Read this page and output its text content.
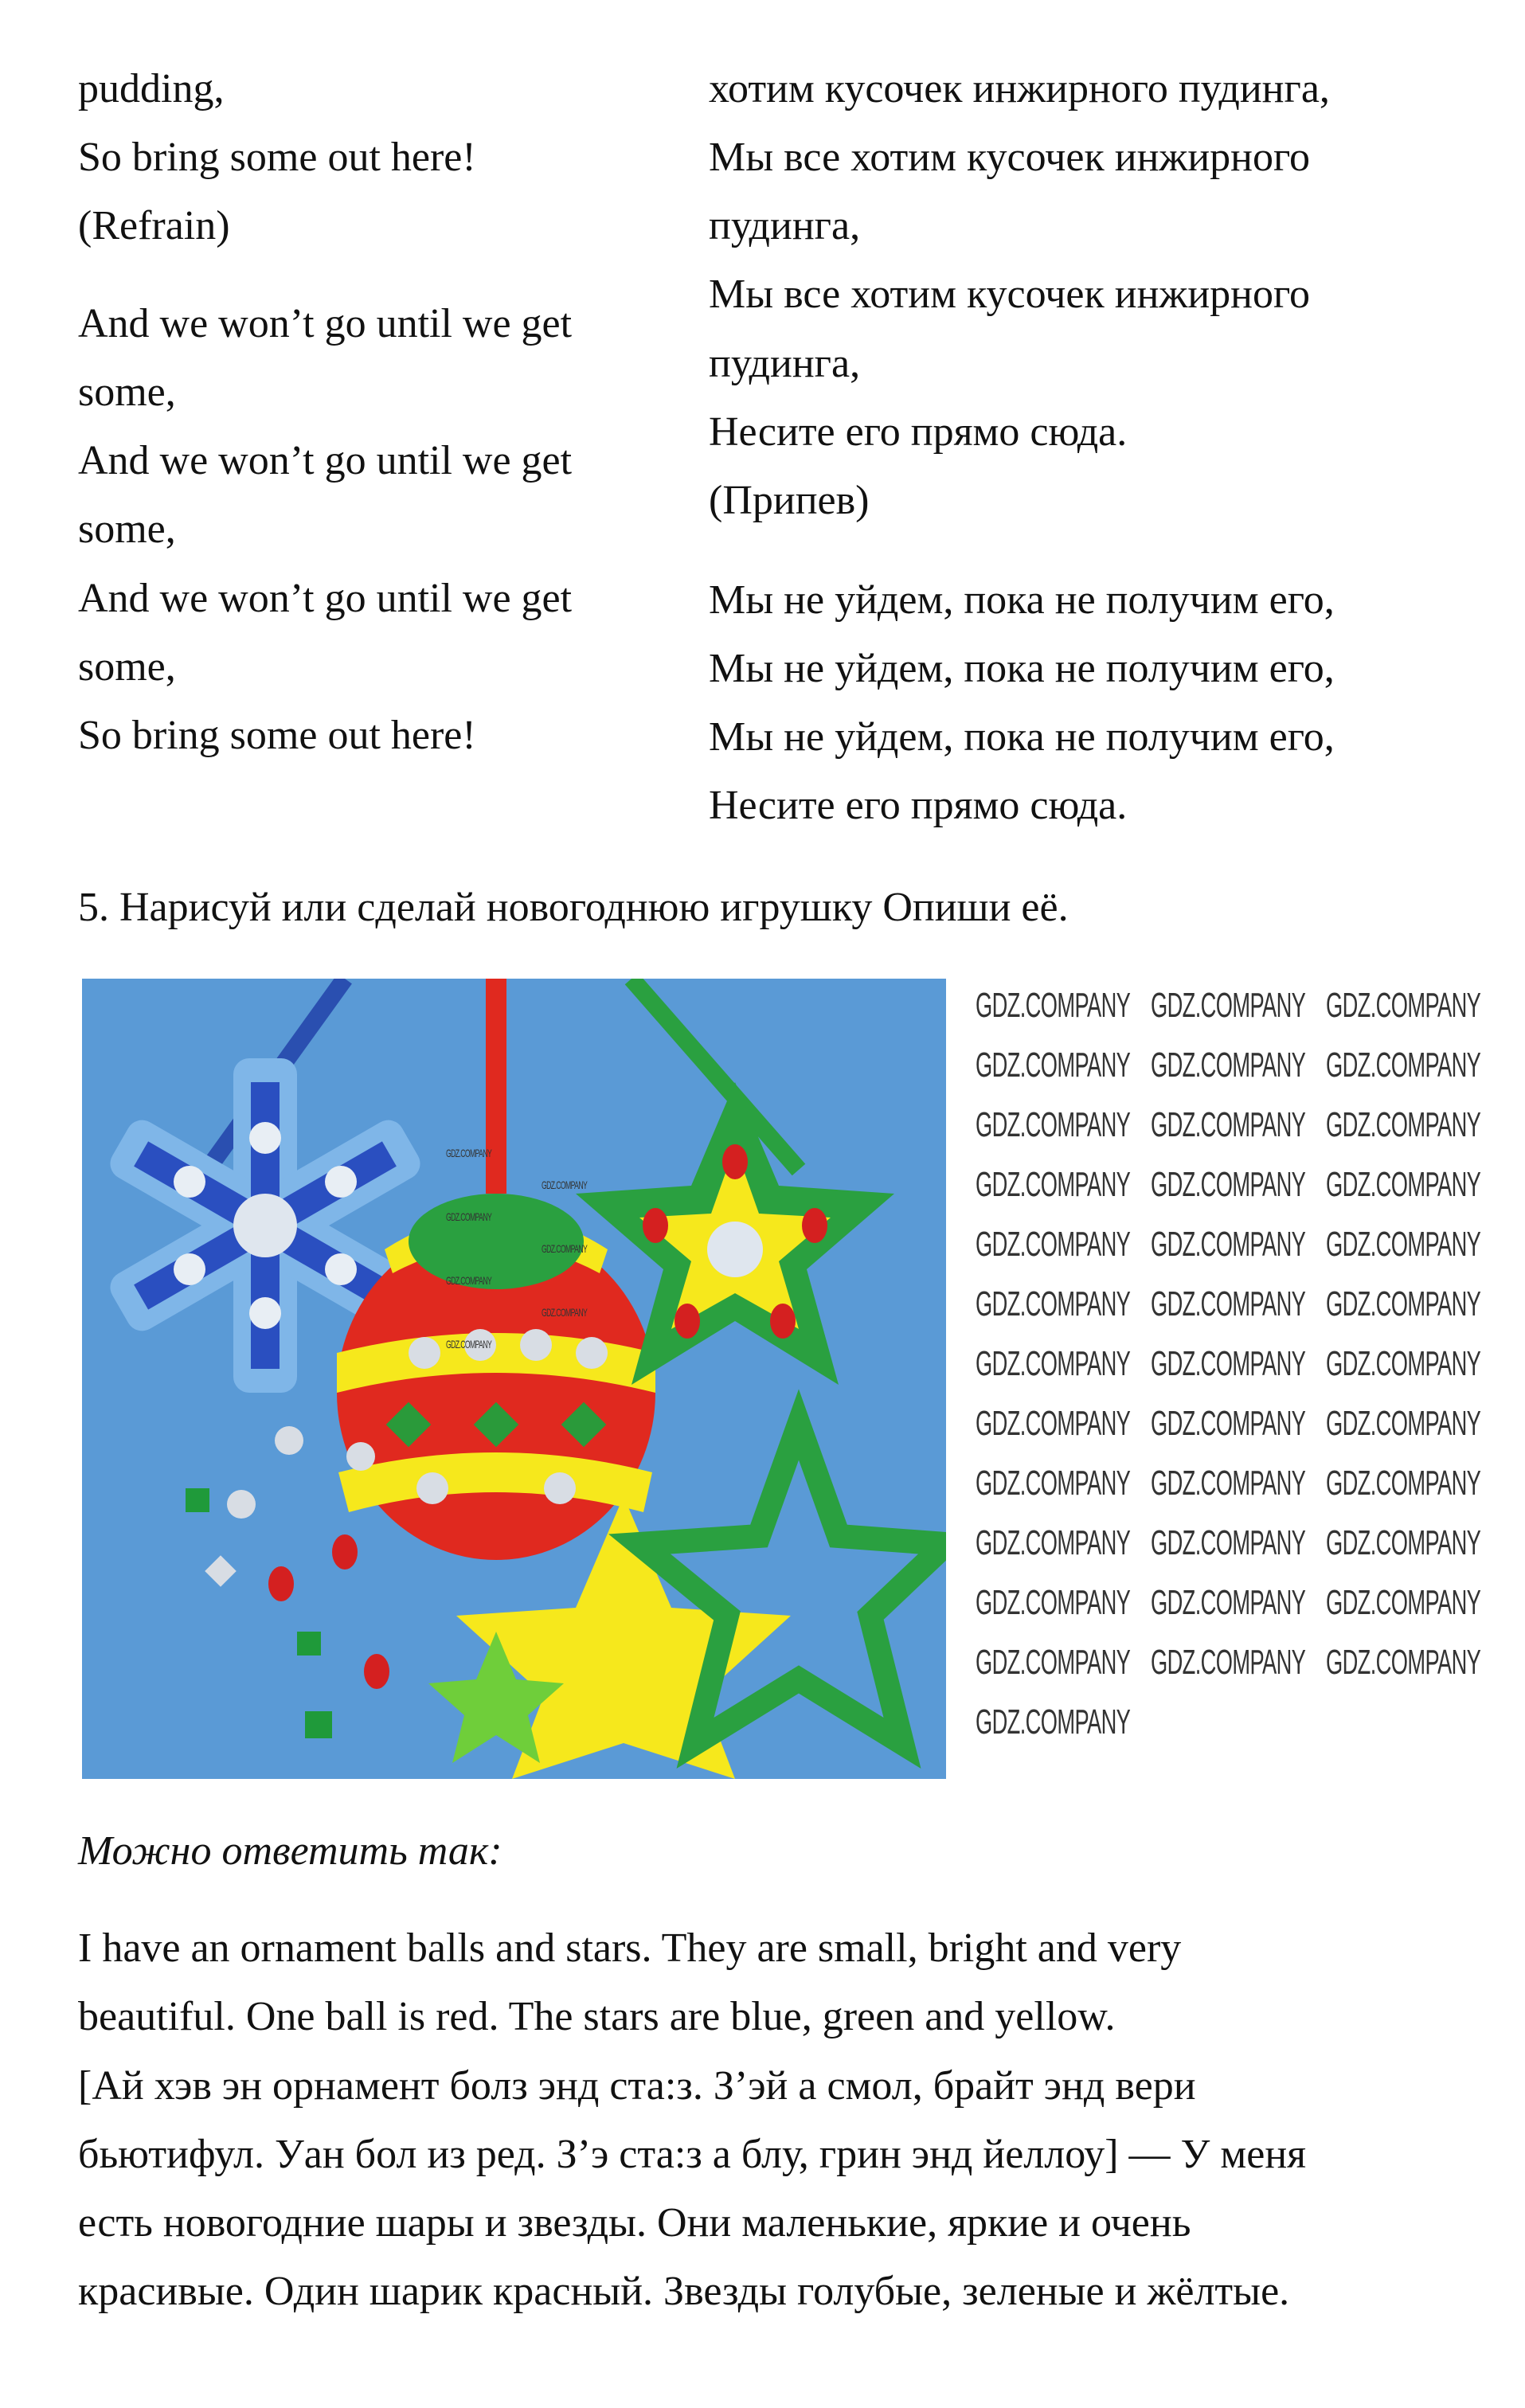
pudding,
So bring some out here!
(Refrain)
And we won’t go until we get
some,
And we won’t go until we get
some,
And we won’t go until we get
some,
So bring some out here!
хотим кусочек инжирного пудинга,
Мы все хотим кусочек инжирного
пудинга,
Мы все хотим кусочек инжирного
пудинга,
Несите его прямо сюда.
(Припев)
Мы не уйдем, пока не получим его,
Мы не уйдем, пока не получим его,
Мы не уйдем, пока не получим его,
Несите его прямо сюда.
5. Нарисуй или сделай новогоднюю игрушку Опиши её.
Можно ответить так:
I have an ornament balls and stars. They are small, bright and very
beautiful. One ball is red. The stars are blue, green and yellow.
[Ай хэв эн орнамент болз энд ста:з. З’эй а смол, брайт энд вери
бьютифул. Уан бол из ред. З’э ста:з а блу, грин энд йеллоу] — У меня
есть новогодние шары и звезды. Они маленькие, яркие и очень
красивые. Один шарик красный. Звезды голубые, зеленые и жёлтые.
GDZ.COMPANY GDZ.COMPANY GDZ.COMPANY
GDZ.COMPANY GDZ.COMPANY GDZ.COMPANY
GDZ.COMPANY GDZ.COMPANY GDZ.COMPANY
GDZ.COMPANY GDZ.COMPANY GDZ.COMPANY
GDZ.COMPANY GDZ.COMPANY GDZ.COMPANY
GDZ.COMPANY GDZ.COMPANY GDZ.COMPANY
GDZ.COMPANY GDZ.COMPANY GDZ.COMPANY
GDZ.COMPANY GDZ.COMPANY GDZ.COMPANY
GDZ.COMPANY GDZ.COMPANY GDZ.COMPANY
GDZ.COMPANY GDZ.COMPANY GDZ.COMPANY
GDZ.COMPANY GDZ.COMPANY GDZ.COMPANY
GDZ.COMPANY GDZ.COMPANY GDZ.COMPANY
GDZ.COMPANY
GDZ.COMPANY
GDZ.COMPANY
GDZ.COMPANY
GDZ.COMPANY
GDZ.COMPANY
GDZ.COMPANY
GDZ.COMPANY
